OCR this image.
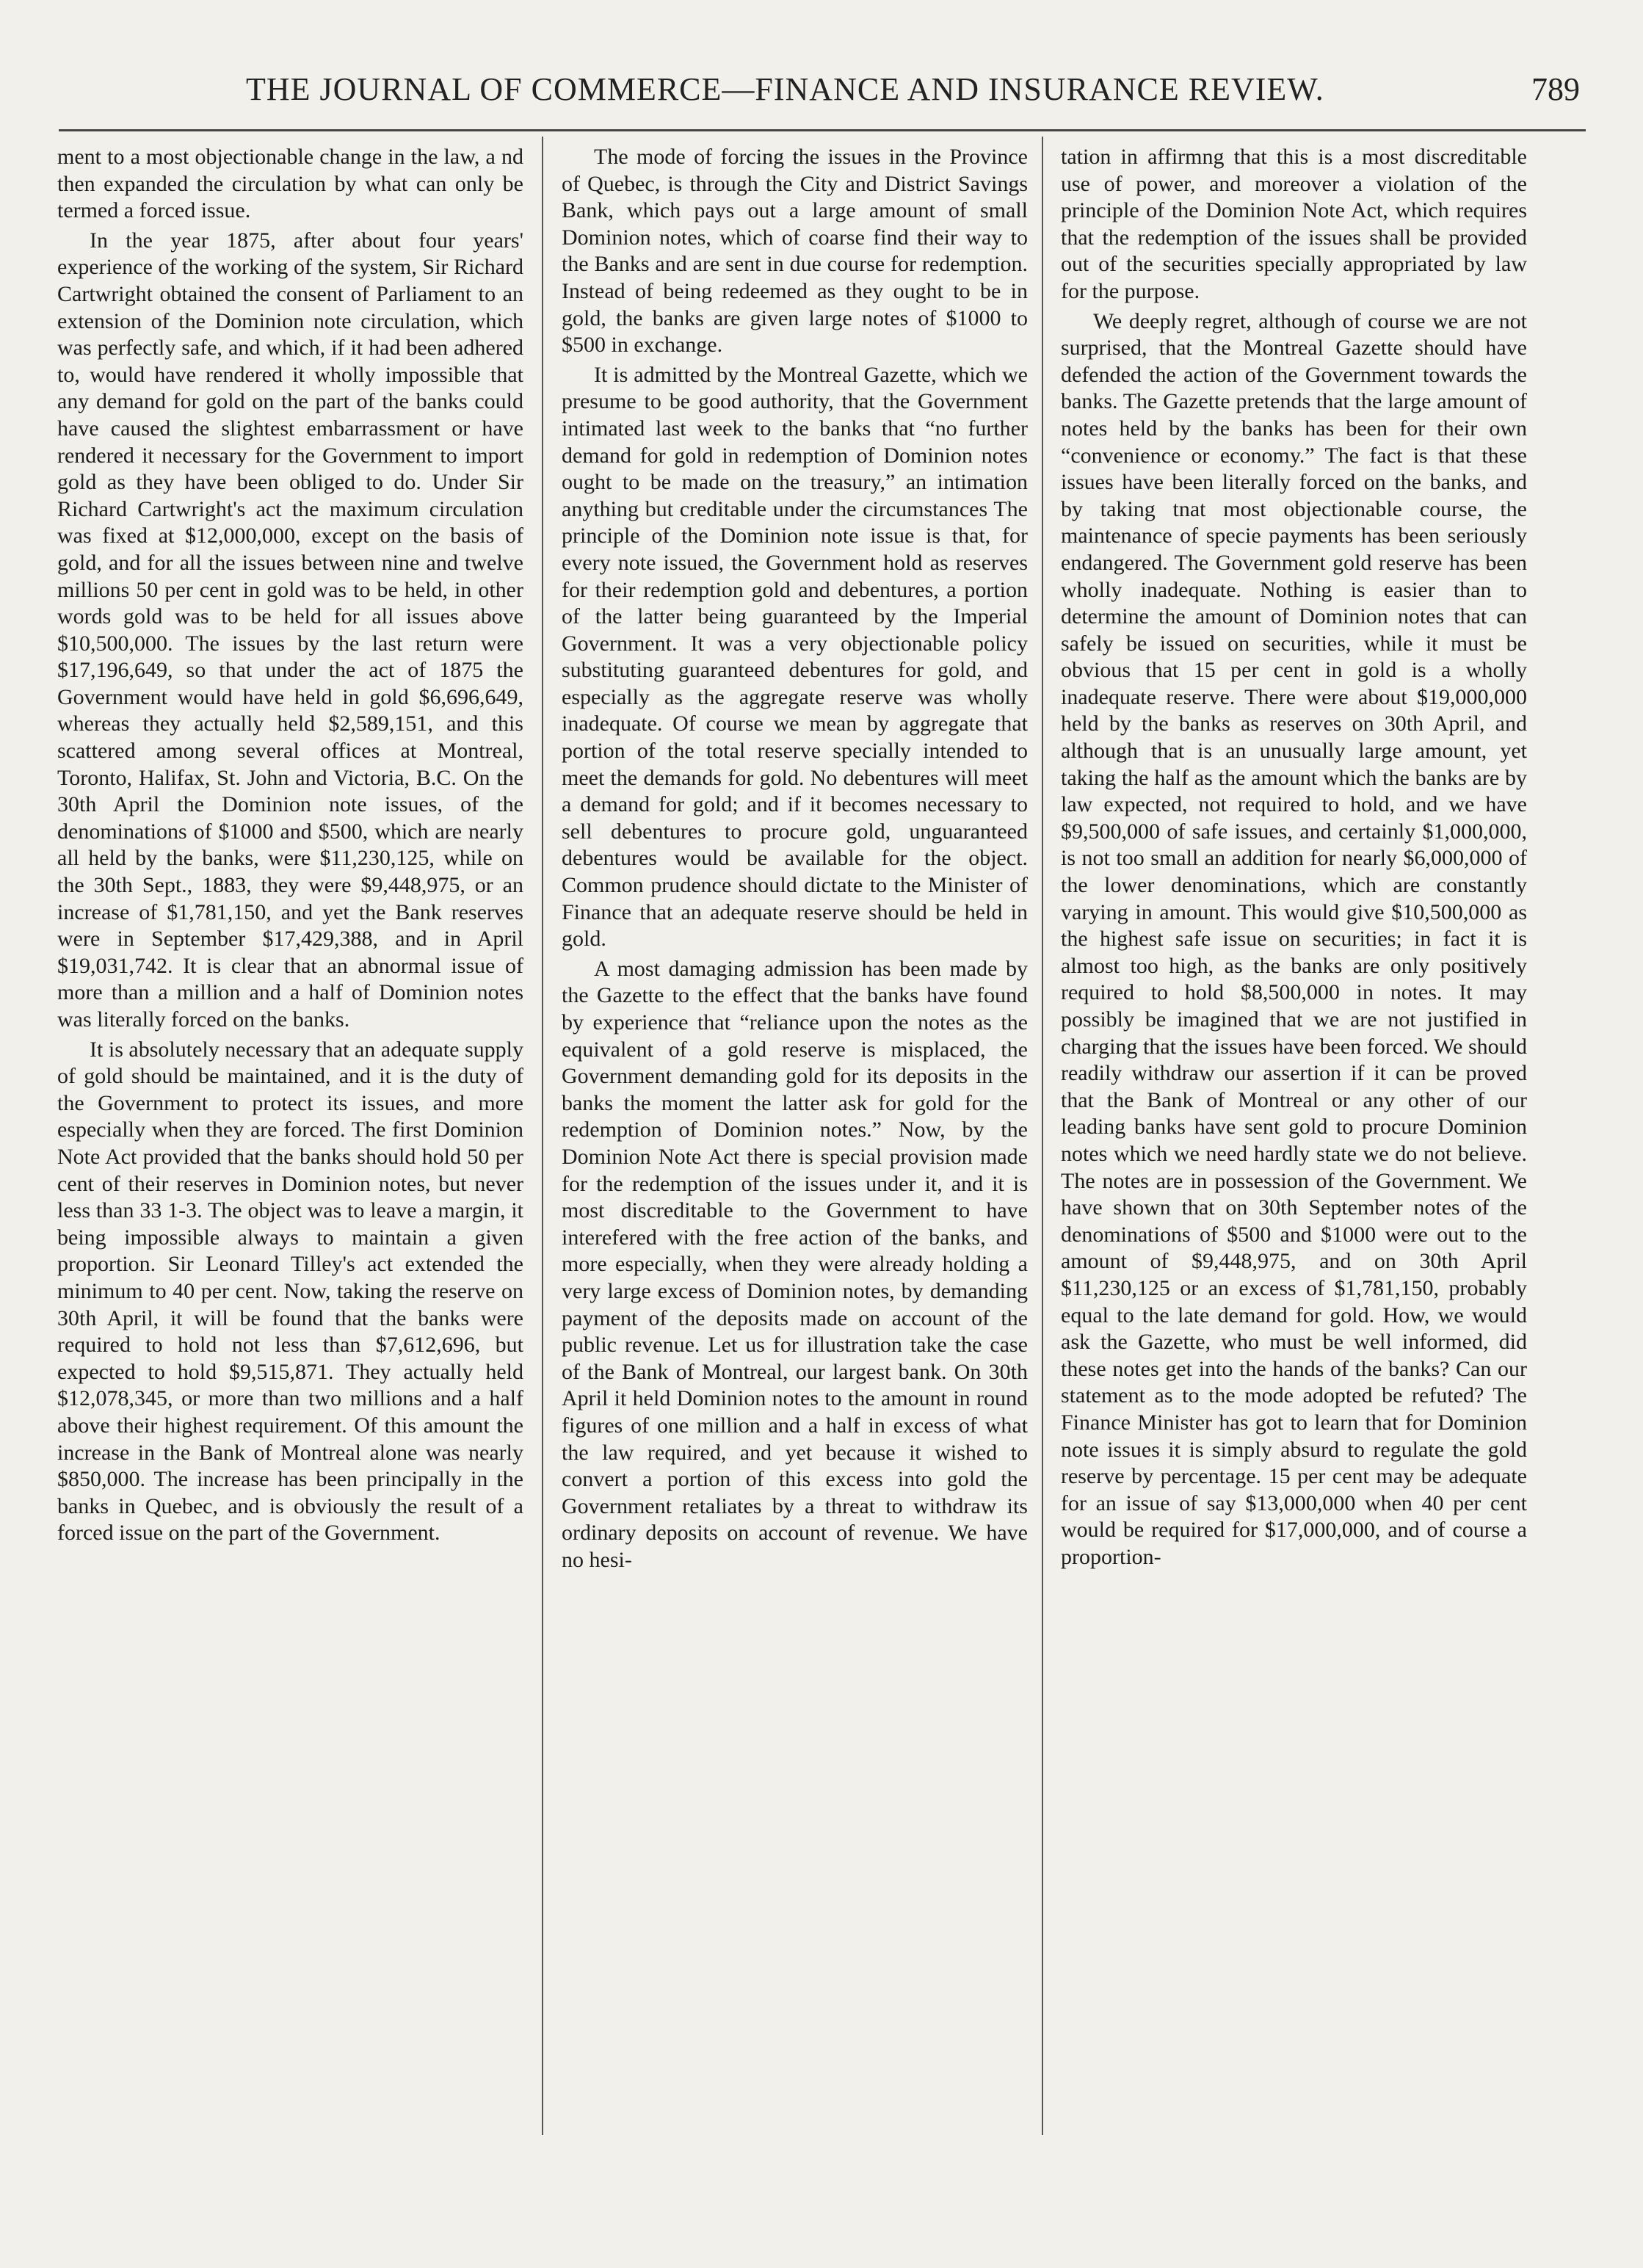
THE JOURNAL OF COMMERCE—FINANCE AND INSURANCE REVIEW.	789

ment to a most objectionable change in the law, a nd then expanded the circulation by what can only be termed a forced issue.

In the year 1875, after about four years' experience of the working of the system, Sir Richard Cartwright obtained the consent of Parliament to an extension of the Dominion note circulation, which was perfectly safe, and which, if it had been adhered to, would have rendered it wholly impossible that any demand for gold on the part of the banks could have caused the slightest embarrassment or have rendered it necessary for the Government to import gold as they have been obliged to do. Under Sir Richard Cartwright's act the maximum circulation was fixed at $12,000,000, except on the basis of gold, and for all the issues between nine and twelve millions 50 per cent in gold was to be held, in other words gold was to be held for all issues above $10,500,000. The issues by the last return were $17,196,649, so that under the act of 1875 the Government would have held in gold $6,696,649, whereas they actually held $2,589,151, and this scattered among several offices at Montreal, Toronto, Halifax, St. John and Victoria, B.C. On the 30th April the Dominion note issues, of the denominations of $1000 and $500, which are nearly all held by the banks, were $11,230,125, while on the 30th Sept., 1883, they were $9,448,975, or an increase of $1,781,150, and yet the Bank reserves were in September $17,429,388, and in April $19,031,742. It is clear that an abnormal issue of more than a million and a half of Dominion notes was literally forced on the banks.

It is absolutely necessary that an adequate supply of gold should be maintained, and it is the duty of the Government to protect its issues, and more especially when they are forced. The first Dominion Note Act provided that the banks should hold 50 per cent of their reserves in Dominion notes, but never less than 33 1-3. The object was to leave a margin, it being impossible always to maintain a given proportion. Sir Leonard Tilley's act extended the minimum to 40 per cent. Now, taking the reserve on 30th April, it will be found that the banks were required to hold not less than $7,612,696, but expected to hold $9,515,871. They actually held $12,078,345, or more than two millions and a half above their highest requirement. Of this amount the increase in the Bank of Montreal alone was nearly $850,000. The increase has been principally in the banks in Quebec, and is obviously the result of a forced issue on the part of the Government.

The mode of forcing the issues in the Province of Quebec, is through the City and District Savings Bank, which pays out a large amount of small Dominion notes, which of coarse find their way to the Banks and are sent in due course for redemption. Instead of being redeemed as they ought to be in gold, the banks are given large notes of $1000 to $500 in exchange.

It is admitted by the Montreal Gazette, which we presume to be good authority, that the Government intimated last week to the banks that “no further demand for gold in redemption of Dominion notes ought to be made on the treasury,” an intimation anything but creditable under the circumstances The principle of the Dominion note issue is that, for every note issued, the Government hold as reserves for their redemption gold and debentures, a portion of the latter being guaranteed by the Imperial Government. It was a very objectionable policy substituting guaranteed debentures for gold, and especially as the aggregate reserve was wholly inadequate. Of course we mean by aggregate that portion of the total reserve specially intended to meet the demands for gold. No debentures will meet a demand for gold; and if it becomes necessary to sell debentures to procure gold, unguaranteed debentures would be available for the object. Common prudence should dictate to the Minister of Finance that an adequate reserve should be held in gold.

A most damaging admission has been made by the Gazette to the effect that the banks have found by experience that “reliance upon the notes as the equivalent of a gold reserve is misplaced, the Government demanding gold for its deposits in the banks the moment the latter ask for gold for the redemption of Dominion notes.” Now, by the Dominion Note Act there is special provision made for the redemption of the issues under it, and it is most discreditable to the Government to have interefered with the free action of the banks, and more especially, when they were already holding a very large excess of Dominion notes, by demanding payment of the deposits made on account of the public revenue. Let us for illustration take the case of the Bank of Montreal, our largest bank. On 30th April it held Dominion notes to the amount in round figures of one million and a half in excess of what the law required, and yet because it wished to convert a portion of this excess into gold the Government retaliates by a threat to withdraw its ordinary deposits on account of revenue. We have no hesi-

tation in affirmng that this is a most discreditable use of power, and moreover a violation of the principle of the Dominion Note Act, which requires that the redemption of the issues shall be provided out of the securities specially appropriated by law for the purpose.

We deeply regret, although of course we are not surprised, that the Montreal Gazette should have defended the action of the Government towards the banks. The Gazette pretends that the large amount of notes held by the banks has been for their own “convenience or economy.” The fact is that these issues have been literally forced on the banks, and by taking tnat most objectionable course, the maintenance of specie payments has been seriously endangered. The Government gold reserve has been wholly inadequate. Nothing is easier than to determine the amount of Dominion notes that can safely be issued on securities, while it must be obvious that 15 per cent in gold is a wholly inadequate reserve. There were about $19,000,000 held by the banks as reserves on 30th April, and although that is an unusually large amount, yet taking the half as the amount which the banks are by law expected, not required to hold, and we have $9,500,000 of safe issues, and certainly $1,000,000, is not too small an addition for nearly $6,000,000 of the lower denominations, which are constantly varying in amount. This would give $10,500,000 as the highest safe issue on securities; in fact it is almost too high, as the banks are only positively required to hold $8,500,000 in notes. It may possibly be imagined that we are not justified in charging that the issues have been forced. We should readily withdraw our assertion if it can be proved that the Bank of Montreal or any other of our leading banks have sent gold to procure Dominion notes which we need hardly state we do not believe. The notes are in possession of the Government. We have shown that on 30th September notes of the denominations of $500 and $1000 were out to the amount of $9,448,975, and on 30th April $11,230,125 or an excess of $1,781,150, probably equal to the late demand for gold. How, we would ask the Gazette, who must be well informed, did these notes get into the hands of the banks? Can our statement as to the mode adopted be refuted? The Finance Minister has got to learn that for Dominion note issues it is simply absurd to regulate the gold reserve by percentage. 15 per cent may be adequate for an issue of say $13,000,000 when 40 per cent would be required for $17,000,000, and of course a proportion-
